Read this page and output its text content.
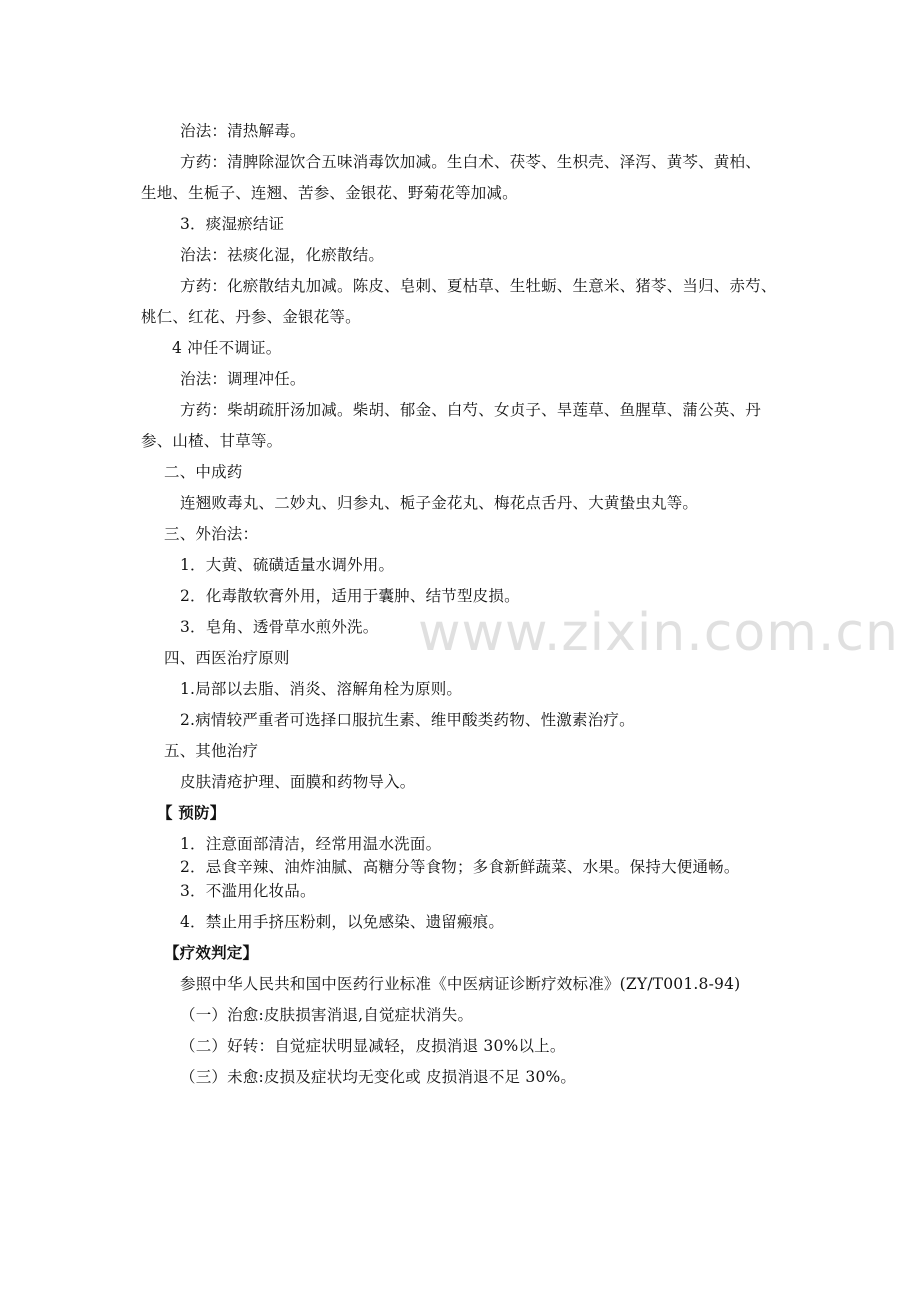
治法：清热解毒。
方药：清脾除湿饮合五味消毒饮加减。生白术、茯苓、生枳壳、泽泻、黄芩、黄柏、
生地、生栀子、连翘、苦参、金银花、野菊花等加减。
3．痰湿瘀结证
治法：祛痰化湿，化瘀散结。
方药：化瘀散结丸加减。陈皮、皂刺、夏枯草、生牡蛎、生意米、猪苓、当归、赤芍、
桃仁、红花、丹参、金银花等。
4 冲任不调证。
治法：调理冲任。
方药：柴胡疏肝汤加减。柴胡、郁金、白芍、女贞子、旱莲草、鱼腥草、蒲公英、丹
参、山楂、甘草等。
二、中成药
连翘败毒丸、二妙丸、归参丸、栀子金花丸、梅花点舌丹、大黄蛰虫丸等。
三、外治法：
1．大黄、硫磺适量水调外用。
2．化毒散软膏外用，适用于囊肿、结节型皮损。
3．皂角、透骨草水煎外洗。
四、西医治疗原则
1.局部以去脂、消炎、溶解角栓为原则。
2.病情较严重者可选择口服抗生素、维甲酸类药物、性激素治疗。
五、其他治疗
皮肤清疮护理、面膜和药物导入。
【 预防】
1．注意面部清洁，经常用温水洗面。
2．忌食辛辣、油炸油腻、高糖分等食物；多食新鲜蔬菜、水果。保持大便通畅。
3．不滥用化妆品。
4．禁止用手挤压粉刺，以免感染、遗留瘢痕。
【疗效判定】
参照中华人民共和国中医药行业标准《中医病证诊断疗效标准》(ZY/T001.8-94)
（一）治愈:皮肤损害消退,自觉症状消失。
（二）好转：自觉症状明显减轻，皮损消退 30%以上。
（三）未愈:皮损及症状均无变化或 皮损消退不足 30%。
www.zixin.com.cn
